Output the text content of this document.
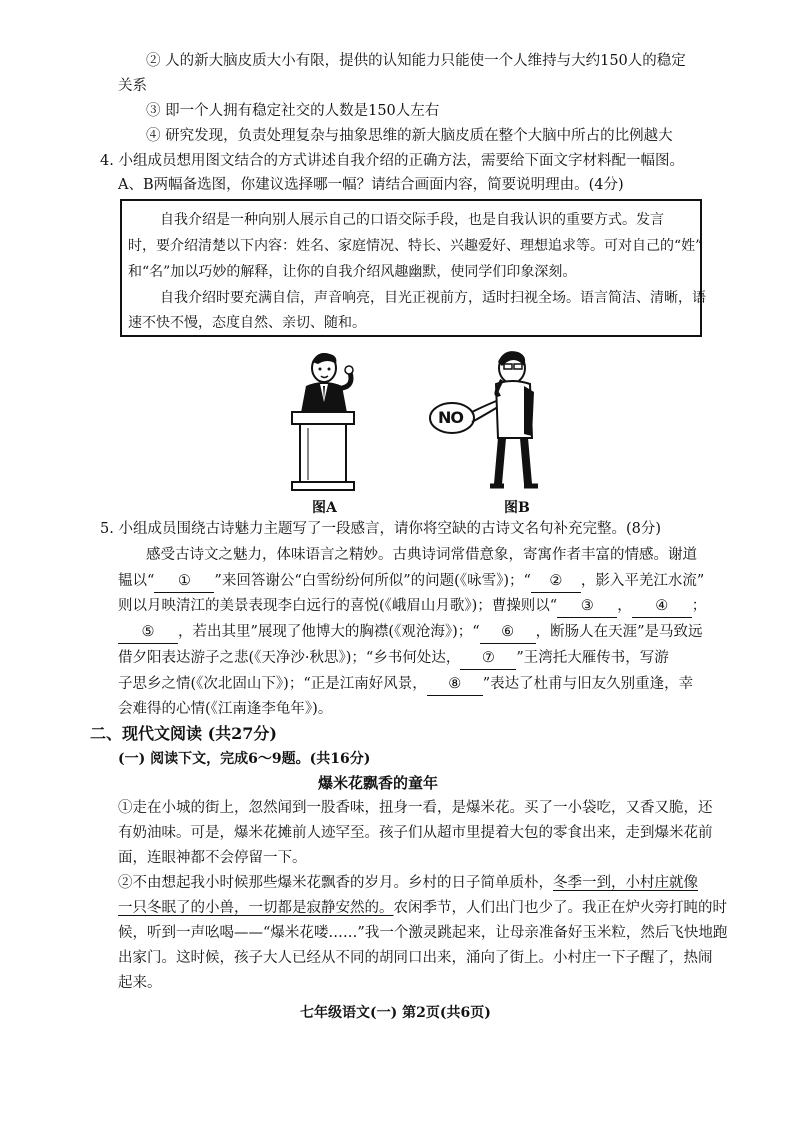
② 人的新大脑皮质大小有限，提供的认知能力只能使一个人维持与大约150人的稳定
关系
③ 即一个人拥有稳定社交的人数是150人左右
④ 研究发现，负责处理复杂与抽象思维的新大脑皮质在整个大脑中所占的比例越大
4. 小组成员想用图文结合的方式讲述自我介绍的正确方法，需要给下面文字材料配一幅图。
A、B两幅备选图，你建议选择哪一幅？请结合画面内容，简要说明理由。(4分)
自我介绍是一种向别人展示自己的口语交际手段，也是自我认识的重要方式。发言
时，要介绍清楚以下内容：姓名、家庭情况、特长、兴趣爱好、理想追求等。可对自己的“姓”
和“名”加以巧妙的解释，让你的自我介绍风趣幽默，使同学们印象深刻。
自我介绍时要充满自信，声音响亮，目光正视前方，适时扫视全场。语言简洁、清晰，语
速不快不慢，态度自然、亲切、随和。
图A
NO
图B
5. 小组成员围绕古诗魅力主题写了一段感言，请你将空缺的古诗文名句补充完整。(8分)
感受古诗文之魅力，体味语言之精妙。古典诗词常借意象，寄寓作者丰富的情感。谢道
韫以“ ① ”来回答谢公“白雪纷纷何所似”的问题(《咏雪》)；“ ② ，影入平羌江水流”
则以月映清江的美景表现李白远行的喜悦(《峨眉山月歌》)；曹操则以“ ③ ， ④ ；
⑤ ，若出其里”展现了他博大的胸襟(《观沧海》)；“ ⑥ ，断肠人在天涯”是马致远
借夕阳表达游子之悲(《天净沙·秋思》)；“乡书何处达， ⑦ ”王湾托大雁传书，写游
子思乡之情(《次北固山下》)；“正是江南好风景， ⑧ ”表达了杜甫与旧友久别重逢，幸
会难得的心情(《江南逢李龟年》)。
二、现代文阅读 (共27分)
(一) 阅读下文，完成6～9题。(共16分)
爆米花飘香的童年
①走在小城的街上，忽然闻到一股香味，扭身一看，是爆米花。买了一小袋吃，又香又脆，还
有奶油味。可是，爆米花摊前人迹罕至。孩子们从超市里提着大包的零食出来，走到爆米花前
面，连眼神都不会停留一下。
②不由想起我小时候那些爆米花飘香的岁月。乡村的日子简单质朴，冬季一到，小村庄就像
一只冬眠了的小兽，一切都是寂静安然的。农闲季节，人们出门也少了。我正在炉火旁打盹的时
候，听到一声吆喝——“爆米花喽……”我一个激灵跳起来，让母亲准备好玉米粒，然后飞快地跑
出家门。这时候，孩子大人已经从不同的胡同口出来，涌向了街上。小村庄一下子醒了，热闹
起来。
七年级语文(一) 第2页(共6页)
